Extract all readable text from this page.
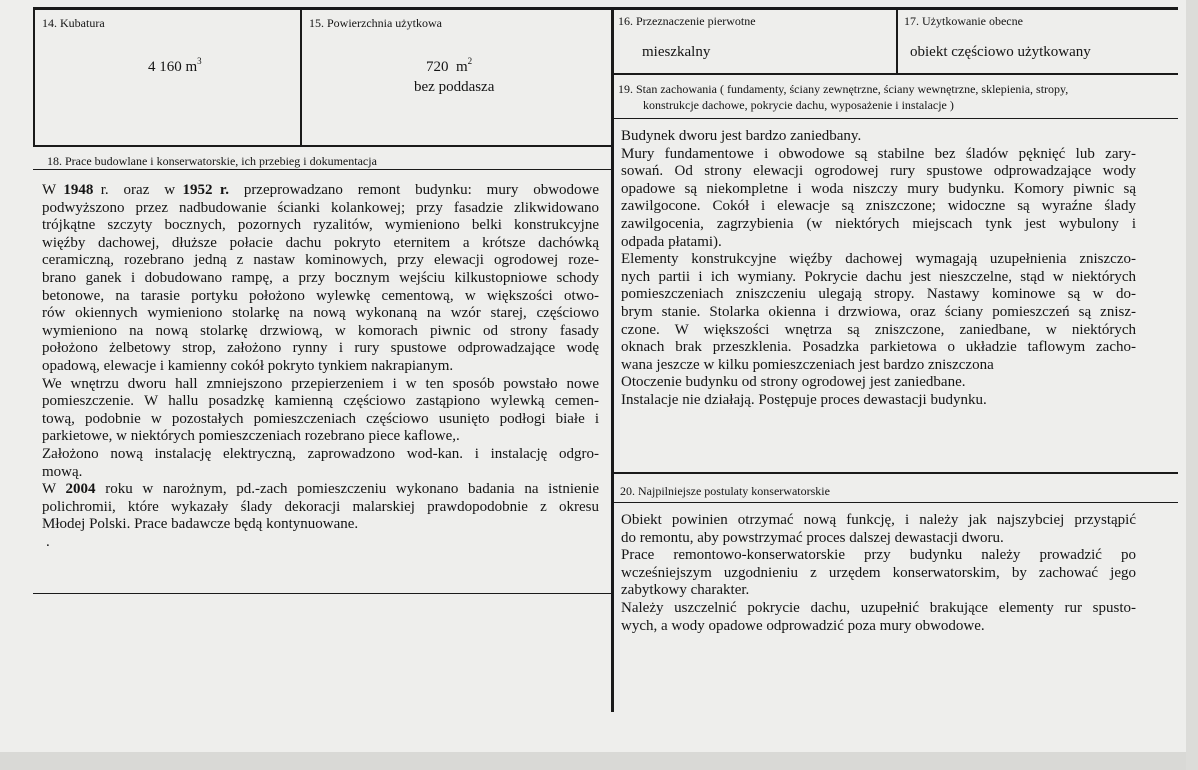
14. Kubatura
4 160 $m^3$
15. Powierzchnia użytkowa
720  $m^2$
bez poddasza
16. Przeznaczenie pierwotne
mieszkalny
17. Użytkowanie obecne
obiekt częściowo użytkowany
19. Stan zachowania ( fundamenty, ściany zewnętrzne, ściany wewnętrzne, sklepienia, stropy,
konstrukcje dachowe, pokrycie dachu, wyposażenie i instalacje )
Budynek dworu jest bardzo zaniedbany.
Mury fundamentowe i obwodowe są stabilne bez śladów pęknięć lub zary-
sowań. Od strony elewacji ogrodowej rury spustowe odprowadzające wody
opadowe są niekompletne i woda niszczy mury budynku. Komory piwnic są
zawilgocone. Cokół i elewacje są zniszczone; widoczne są wyraźne ślady
zawilgocenia, zagrzybienia (w niektórych miejscach tynk jest wybulony i
odpada płatami).
Elementy konstrukcyjne więźby dachowej wymagają uzupełnienia zniszczo-
nych partii i ich wymiany. Pokrycie dachu jest nieszczelne, stąd w niektórych
pomieszczeniach zniszczeniu ulegają stropy. Nastawy kominowe są w do-
brym stanie. Stolarka okienna i drzwiowa, oraz ściany pomieszczeń są znisz-
czone. W większości wnętrza są zniszczone, zaniedbane, w niektórych
oknach brak przeszklenia. Posadzka parkietowa o układzie taflowym zacho-
wana jeszcze w kilku pomieszczeniach jest bardzo zniszczona
Otoczenie budynku od strony ogrodowej jest zaniedbane.
Instalacje nie działają. Postępuje proces dewastacji budynku.
18. Prace budowlane i konserwatorskie, ich przebieg i dokumentacja
W 1948 r.  oraz  w 1952 r.  przeprowadzano  remont  budynku:  mury  obwodowe
podwyższono przez nadbudowanie ścianki kolankowej; przy fasadzie zlikwidowano
trójkątne szczyty bocznych, pozornych ryzalitów, wymieniono belki konstrukcyjne
więźby dachowej, dłuższe połacie dachu pokryto eternitem a krótsze dachówką
ceramiczną, rozebrano jedną z nastaw kominowych, przy elewacji ogrodowej roze-
brano ganek i dobudowano rampę, a przy bocznym wejściu kilkustopniowe schody
betonowe, na tarasie portyku położono wylewkę cementową, w większości otwo-
rów okiennych wymieniono stolarkę na nową wykonaną na wzór starej, częściowo
wymieniono na nową stolarkę drzwiową, w komorach piwnic od strony fasady
położono żelbetowy strop, założono rynny i rury spustowe odprowadzające wodę
opadową, elewacje i kamienny cokół pokryto tynkiem nakrapianym.
We wnętrzu dworu hall zmniejszono przepierzeniem i w ten sposób powstało nowe
pomieszczenie. W hallu posadzkę kamienną częściowo zastąpiono wylewką cemen-
tową, podobnie w pozostałych pomieszczeniach częściowo usunięto podłogi białe i
parkietowe, w niektórych pomieszczeniach rozebrano piece kaflowe,.
Założono nową instalację elektryczną, zaprowadzono wod-kan. i instalację odgro-
mową.
W 2004 roku w narożnym, pd.-zach pomieszczeniu wykonano badania na istnienie
polichromii, które wykazały ślady dekoracji malarskiej prawdopodobnie z okresu
Młodej Polski. Prace badawcze będą kontynuowane.
.
20. Najpilniejsze postulaty konserwatorskie
Obiekt powinien otrzymać nową funkcję, i należy jak najszybciej przystąpić
do remontu, aby powstrzymać proces dalszej dewastacji dworu.
Prace remontowo-konserwatorskie przy budynku należy prowadzić po
wcześniejszym uzgodnieniu z urzędem konserwatorskim, by zachować jego
zabytkowy charakter.
Należy uszczelnić pokrycie dachu, uzupełnić brakujące elementy rur spusto-
wych, a wody opadowe odprowadzić poza mury obwodowe.
